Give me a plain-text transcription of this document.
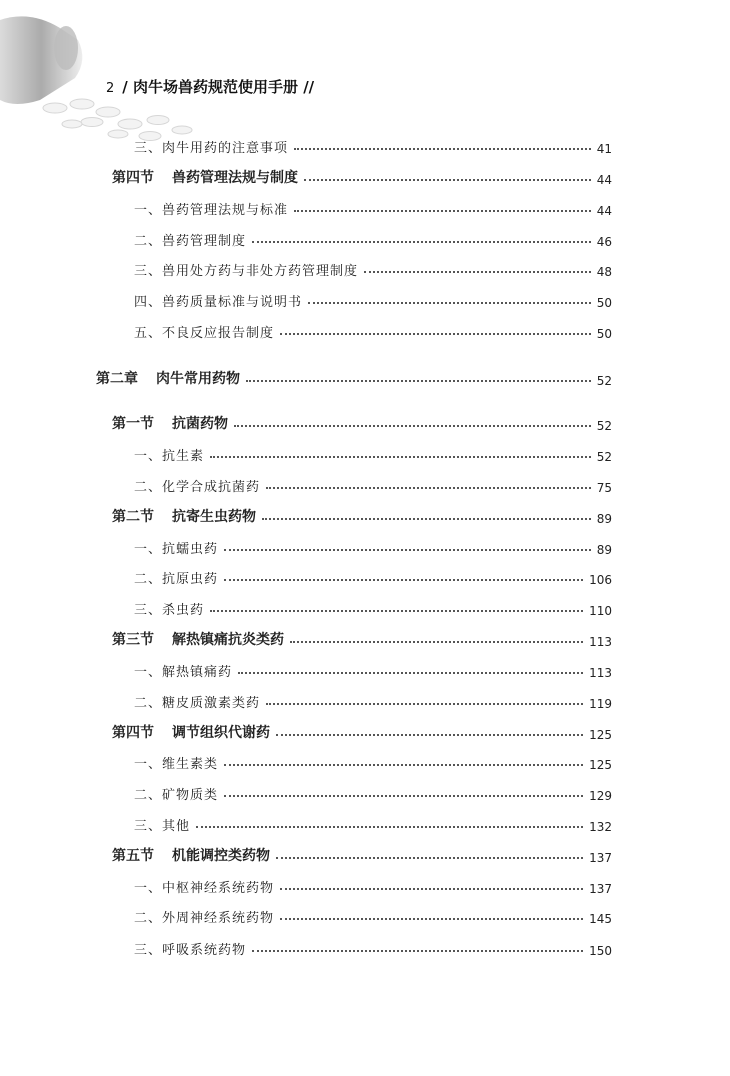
2 / 肉牛场兽药规范使用手册 //
三、肉牛用药的注意事项	41
第四节 兽药管理法规与制度	44
一、兽药管理法规与标准	44
二、兽药管理制度	46
三、兽用处方药与非处方药管理制度	48
四、兽药质量标准与说明书	50
五、不良反应报告制度	50
第二章 肉牛常用药物	52
第一节 抗菌药物	52
一、抗生素	52
二、化学合成抗菌药	75
第二节 抗寄生虫药物	89
一、抗蠕虫药	89
二、抗原虫药	106
三、杀虫药	110
第三节 解热镇痛抗炎类药	113
一、解热镇痛药	113
二、糖皮质激素类药	119
第四节 调节组织代谢药	125
一、维生素类	125
二、矿物质类	129
三、其他	132
第五节 机能调控类药物	137
一、中枢神经系统药物	137
二、外周神经系统药物	145
三、呼吸系统药物	150
